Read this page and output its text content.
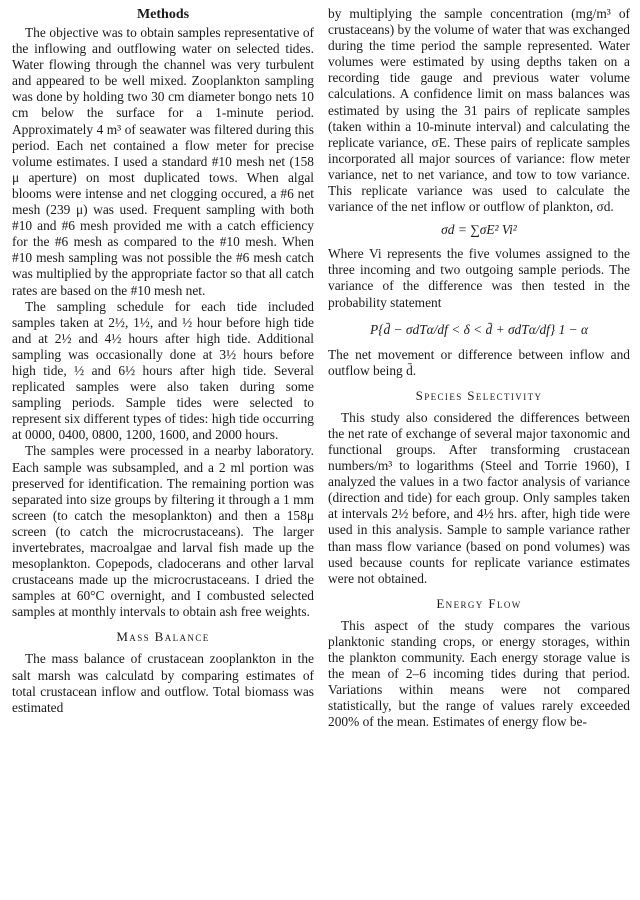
Methods

The objective was to obtain samples representative of the inflowing and outflowing water on selected tides. Water flowing through the channel was very turbulent and appeared to be well mixed. Zooplankton sampling was done by holding two 30 cm diameter bongo nets 10 cm below the surface for a 1-minute period. Approximately 4 m³ of seawater was filtered during this period. Each net contained a flow meter for precise volume estimates. I used a standard #10 mesh net (158 μ aperture) on most duplicated tows. When algal blooms were intense and net clogging occured, a #6 net mesh (239 μ) was used. Frequent sampling with both #10 and #6 mesh provided me with a catch efficiency for the #6 mesh as compared to the #10 mesh. When #10 mesh sampling was not possible the #6 mesh catch was multiplied by the appropriate factor so that all catch rates are based on the #10 mesh net.

The sampling schedule for each tide included samples taken at 2½, 1½, and ½ hour before high tide and at 2½ and 4½ hours after high tide. Additional sampling was occasionally done at 3½ hours before high tide, ½ and 6½ hours after high tide. Several replicated samples were also taken during some sampling periods. Sample tides were selected to represent six different types of tides: high tide occurring at 0000, 0400, 0800, 1200, 1600, and 2000 hours.

The samples were processed in a nearby laboratory. Each sample was subsampled, and a 2 ml portion was preserved for identification. The remaining portion was separated into size groups by filtering it through a 1 mm screen (to catch the mesoplankton) and then a 158μ screen (to catch the microcrustaceans). The larger invertebrates, macroalgae and larval fish made up the mesoplankton. Copepods, cladocerans and other larval crustaceans made up the microcrustaceans. I dried the samples at 60°C overnight, and I combusted selected samples at monthly intervals to obtain ash free weights.

Mass Balance

The mass balance of crustacean zooplankton in the salt marsh was calculatd by comparing estimates of total crustacean inflow and outflow. Total biomass was estimated

by multiplying the sample concentration (mg/m³ of crustaceans) by the volume of water that was exchanged during the time period the sample represented. Water volumes were estimated by using depths taken on a recording tide gauge and previous water volume calculations. A confidence limit on mass balances was estimated by using the 31 pairs of replicate samples (taken within a 10-minute interval) and calculating the replicate variance, σE. These pairs of replicate samples incorporated all major sources of variance: flow meter variance, net to net variance, and tow to tow variance. This replicate variance was used to calculate the variance of the net inflow or outflow of plankton, σd.

σd = ∑σE² Vi²

Where Vi represents the five volumes assigned to the three incoming and two outgoing sample periods. The variance of the difference was then tested in the probability statement

P{d̄ − σdTα/df < δ < d̄ + σdTα/df} 1 − α

The net movement or difference between inflow and outflow being d̄.

Species Selectivity

This study also considered the differences between the net rate of exchange of several major taxonomic and functional groups. After transforming crustacean numbers/m³ to logarithms (Steel and Torrie 1960), I analyzed the values in a two factor analysis of variance (direction and tide) for each group. Only samples taken at intervals 2½ before, and 4½ hrs. after, high tide were used in this analysis. Sample to sample variance rather than mass flow variance (based on pond volumes) was used because counts for replicate variance estimates were not obtained.

Energy Flow

This aspect of the study compares the various planktonic standing crops, or energy storages, within the plankton community. Each energy storage value is the mean of 2–6 incoming tides during that period. Variations within means were not compared statistically, but the range of values rarely exceeded 200% of the mean. Estimates of energy flow be-
